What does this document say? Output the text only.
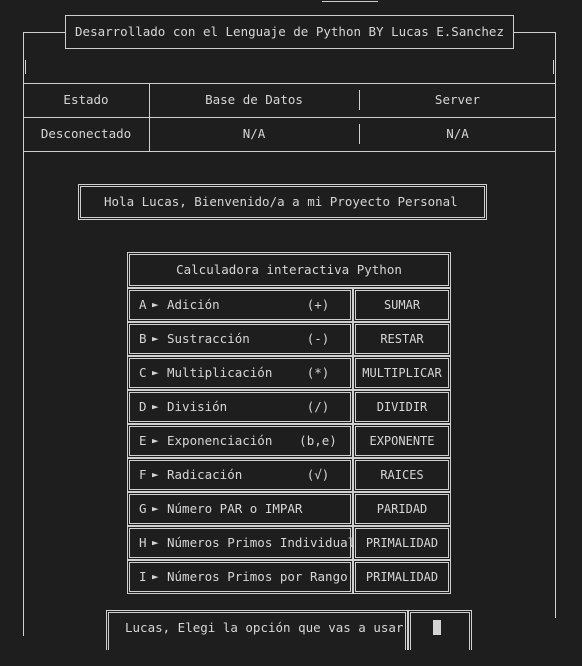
Desarrollado con el Lenguaje de Python BY Lucas E.Sanchez
Estado	Base de Datos	Server
Desconectado	N/A	N/A
Hola Lucas, Bienvenido/a a mi Proyecto Personal
Calculadora interactiva Python
A ► Adición	(+)	SUMAR
B ► Sustracción	(-)	RESTAR
C ► Multiplicación	(*)	MULTIPLICAR
D ► División	(/)	DIVIDIR
E ► Exponenciación	(b,e)	EXPONENTE
F ► Radicación	(√)	RAICES
G ► Número PAR o IMPAR	PARIDAD
H ► Números Primos Individual PRIMALIDAD
I ► Números Primos por Rango	PRIMALIDAD
Lucas, Elegi la opción que vas a usar
